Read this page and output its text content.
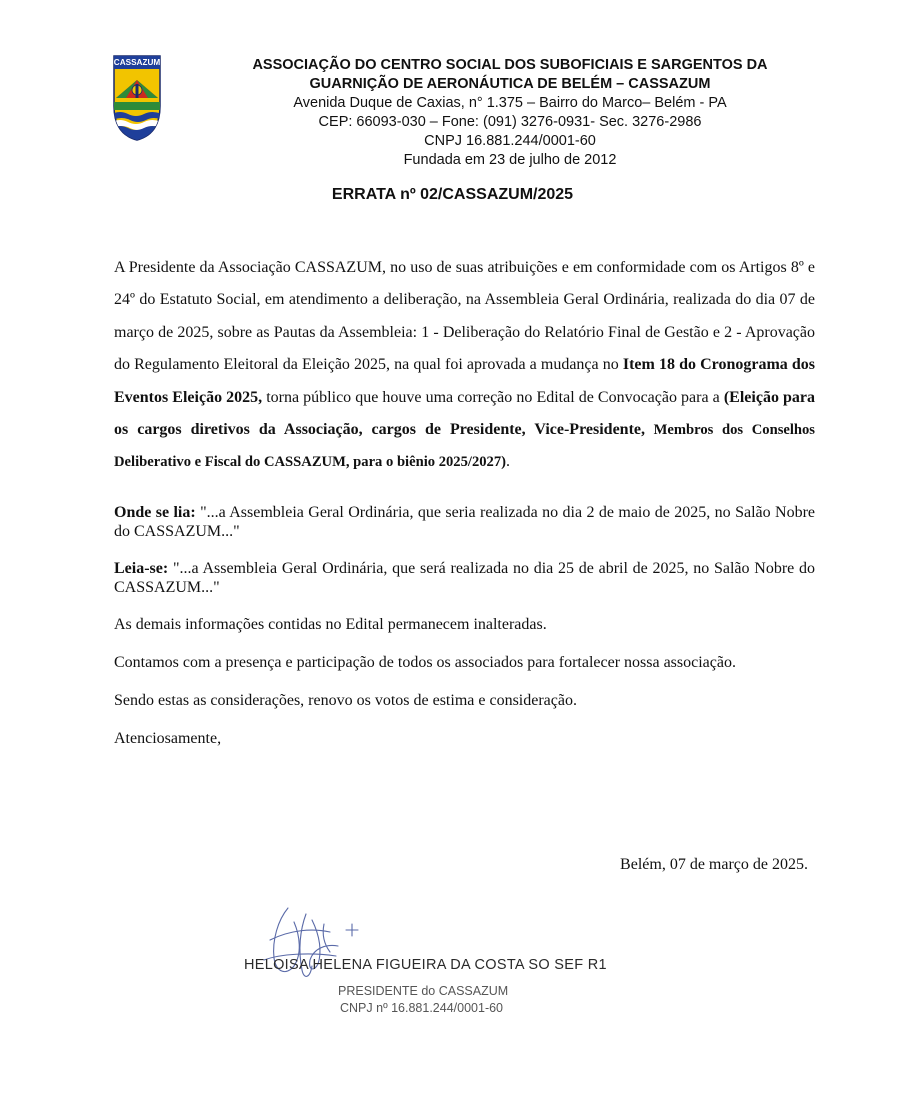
CASSAZUM	ASSOCIAÇÃO DO CENTRO SOCIAL DOS SUBOFICIAIS E SARGENTOS DA
GUARNIÇÃO DE AERONÁUTICA DE BELÉM – CASSAZUM
Avenida Duque de Caxias, n° 1.375 – Bairro do Marco– Belém - PA
CEP: 66093-030 – Fone: (091) 3276-0931- Sec. 3276-2986
CNPJ 16.881.244/0001-60
Fundada em 23 de julho de 2012
ERRATA nº 02/CASSAZUM/2025

A Presidente da Associação CASSAZUM, no uso de suas atribuições e em conformidade com os Artigos 8º e 24º do Estatuto Social, em atendimento a deliberação, na Assembleia Geral Ordinária, realizada do dia 07 de março de 2025, sobre as Pautas da Assembleia: 1 - Deliberação do Relatório Final de Gestão e 2 - Aprovação do Regulamento Eleitoral da Eleição 2025, na qual foi aprovada a mudança no Item 18 do Cronograma dos Eventos Eleição 2025, torna público que houve uma correção no Edital de Convocação para a (Eleição para os cargos diretivos da Associação, cargos de Presidente, Vice-Presidente, Membros dos Conselhos Deliberativo e Fiscal do CASSAZUM, para o biênio 2025/2027).

Onde se lia: "...a Assembleia Geral Ordinária, que seria realizada no dia 2 de maio de 2025, no Salão Nobre do CASSAZUM..."

Leia-se: "...a Assembleia Geral Ordinária, que será realizada no dia 25 de abril de 2025, no Salão Nobre do CASSAZUM..."

As demais informações contidas no Edital permanecem inalteradas.

Contamos com a presença e participação de todos os associados para fortalecer nossa associação.

Sendo estas as considerações, renovo os votos de estima e consideração.

Atenciosamente,

Belém, 07 de março de 2025.

HELOISA HELENA FIGUEIRA DA COSTA SO SEF R1

PRESIDENTE do CASSAZUM

CNPJ nº 16.881.244/0001-60
